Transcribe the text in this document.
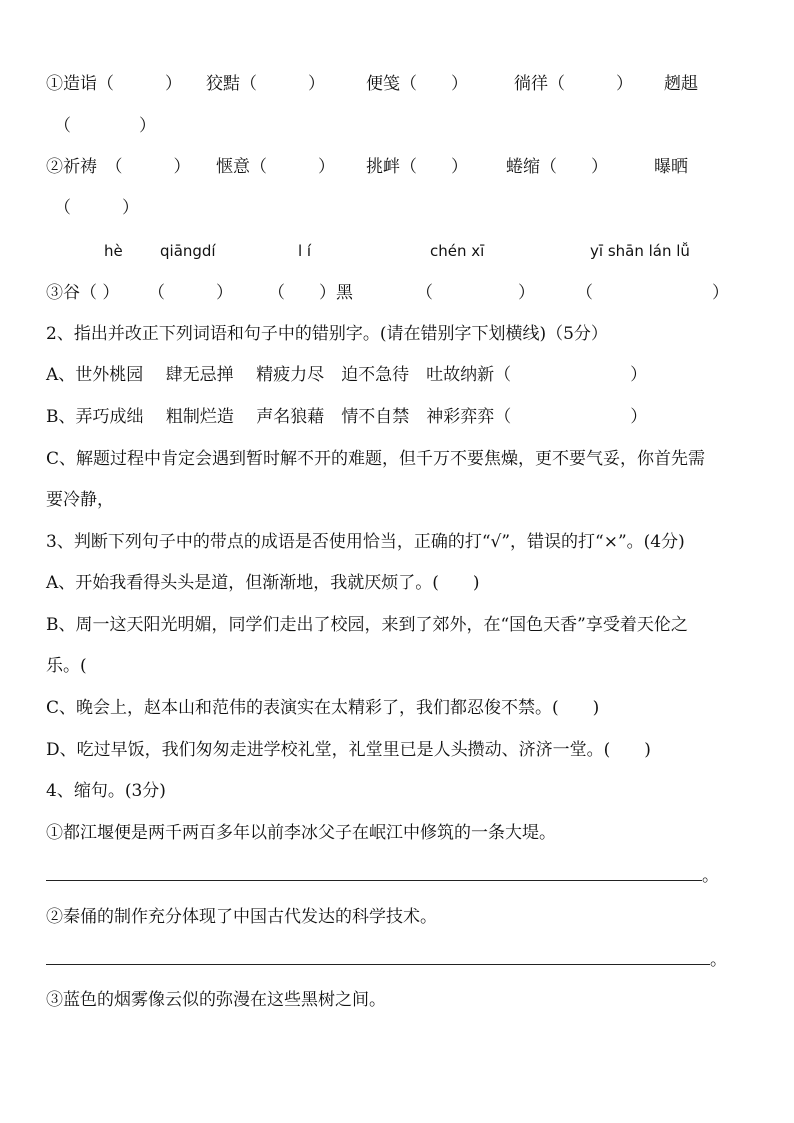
①造诣（　　　） 狡黠（　　　） 便笺（　　）	徜徉（　　　） 趔趄
（　　　　）
②祈祷　（　　　） 惬意（　　　） 挑衅（　　） 蜷缩（　　）	曝晒
（　　　）
hè qiāngdí	l í	chén xī	yī shān lán lǚ
③谷（ ） （　　　） （　　）黑	（　　　　　） （　　　　　　　）
2、指出并改正下列词语和句子中的错别字。(请在错别字下划横线)（5分）
A、世外桃园　 肆无忌掸　 精疲力尽　迫不急待　吐故纳新（　　　　　　　）
B、弄巧成绌　 粗制烂造　 声名狼藉　情不自禁　神彩弈弈（　　　　　　　）
C、解题过程中肯定会遇到暂时解不开的难题，但千万不要焦燥，更不要气妥，你首先需
要冷静，
3、判断下列句子中的带点的成语是否使用恰当，正确的打“√”，错误的打“×”。(4分)
A、开始我看得头头是道，但渐渐地，我就厌烦了。(　　)
B、周一这天阳光明媚，同学们走出了校园，来到了郊外，在“国色天香”享受着天伦之
乐。(
C、晚会上，赵本山和范伟的表演实在太精彩了，我们都忍俊不禁。(　　)
D、吃过早饭，我们匆匆走进学校礼堂，礼堂里已是人头攒动、济济一堂。(　　)
4、缩句。(3分)
①都江堰便是两千两百多年以前李冰父子在岷江中修筑的一条大堤。
。
②秦俑的制作充分体现了中国古代发达的科学技术。
。
③蓝色的烟雾像云似的弥漫在这些黑树之间。
